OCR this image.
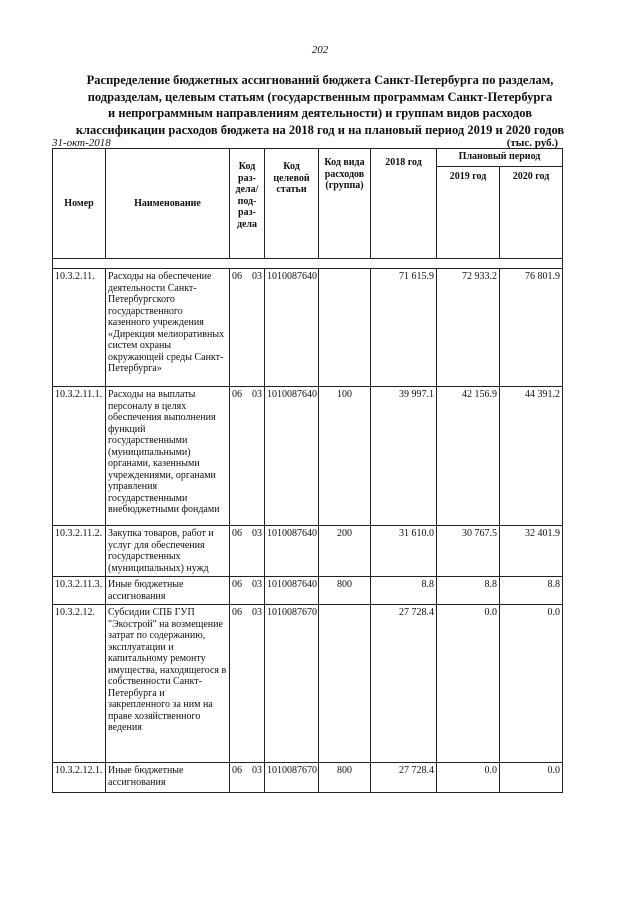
202
Распределение бюджетных ассигнований бюджета Санкт-Петербурга по разделам,
подразделам, целевым статьям (государственным программам Санкт-Петербурга
и непрограммным направлениям деятельности) и группам видов расходов
классификации расходов бюджета на 2018 год и на плановый период 2019 и 2020 годов
31-окт-2018	(тыс. руб.)
Номер	Наименование	Код раз-дела/ под-раз-дела	Код целевой статьи	Код вида расходов (группа)	2018 год	Плановый период	
						2019 год	2020 год

10.3.2.11.	Расходы на обеспечение деятельности Санкт-Петербургского государственного казенного учреждения «Дирекция мелиоративных систем охраны окружающей среды Санкт-Петербурга»	06 03	1010087640		71 615.9	72 933.2	76 801.9
10.3.2.11.1.	Расходы на выплаты персоналу в целях обеспечения выполнения функций государственными (муниципальными) органами, казенными учреждениями, органами управления государственными внебюджетными фондами	06 03	1010087640	100	39 997.1	42 156.9	44 391.2
10.3.2.11.2.	Закупка товаров, работ и услуг для обеспечения государственных (муниципальных) нужд	06 03	1010087640	200	31 610.0	30 767.5	32 401.9
10.3.2.11.3.	Иные бюджетные ассигнования	06 03	1010087640	800	8.8	8.8	8.8
10.3.2.12.	Субсидии СПБ ГУП "Экострой" на возмещение затрат по содержанию, эксплуатации и капитальному ремонту имущества, находящегося в собственности Санкт-Петербурга и закрепленного за ним на праве хозяйственного ведения	06 03	1010087670		27 728.4	0.0	0.0
10.3.2.12.1.	Иные бюджетные ассигнования	06 03	1010087670	800	27 728.4	0.0	0.0
